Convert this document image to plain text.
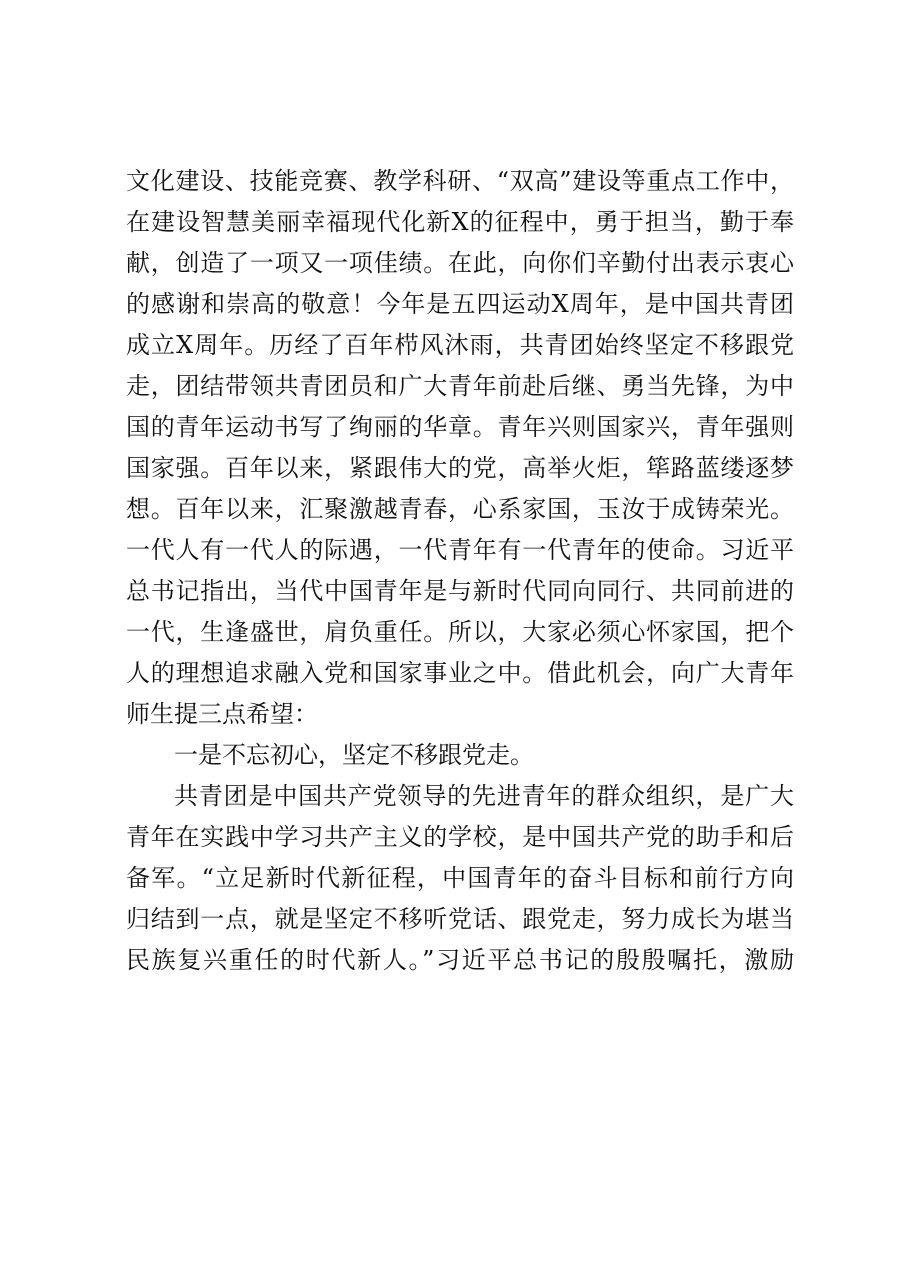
文化建设、技能竞赛、教学科研、“双高”建设等重点工作中，
在建设智慧美丽幸福现代化新X的征程中，勇于担当，勤于奉
献，创造了一项又一项佳绩。在此，向你们辛勤付出表示衷心
的感谢和崇高的敬意！今年是五四运动X周年，是中国共青团
成立X周年。历经了百年栉风沐雨，共青团始终坚定不移跟党
走，团结带领共青团员和广大青年前赴后继、勇当先锋，为中
国的青年运动书写了绚丽的华章。青年兴则国家兴，青年强则
国家强。百年以来，紧跟伟大的党，高举火炬，筚路蓝缕逐梦
想。百年以来，汇聚激越青春，心系家国，玉汝于成铸荣光。
一代人有一代人的际遇，一代青年有一代青年的使命。习近平
总书记指出，当代中国青年是与新时代同向同行、共同前进的
一代，生逢盛世，肩负重任。所以，大家必须心怀家国，把个
人的理想追求融入党和国家事业之中。借此机会，向广大青年
师生提三点希望：
一是不忘初心，坚定不移跟党走。
共青团是中国共产党领导的先进青年的群众组织，是广大
青年在实践中学习共产主义的学校，是中国共产党的助手和后
备军。“立足新时代新征程，中国青年的奋斗目标和前行方向
归结到一点，就是坚定不移听党话、跟党走，努力成长为堪当
民族复兴重任的时代新人。”习近平总书记的殷殷嘱托，激励
